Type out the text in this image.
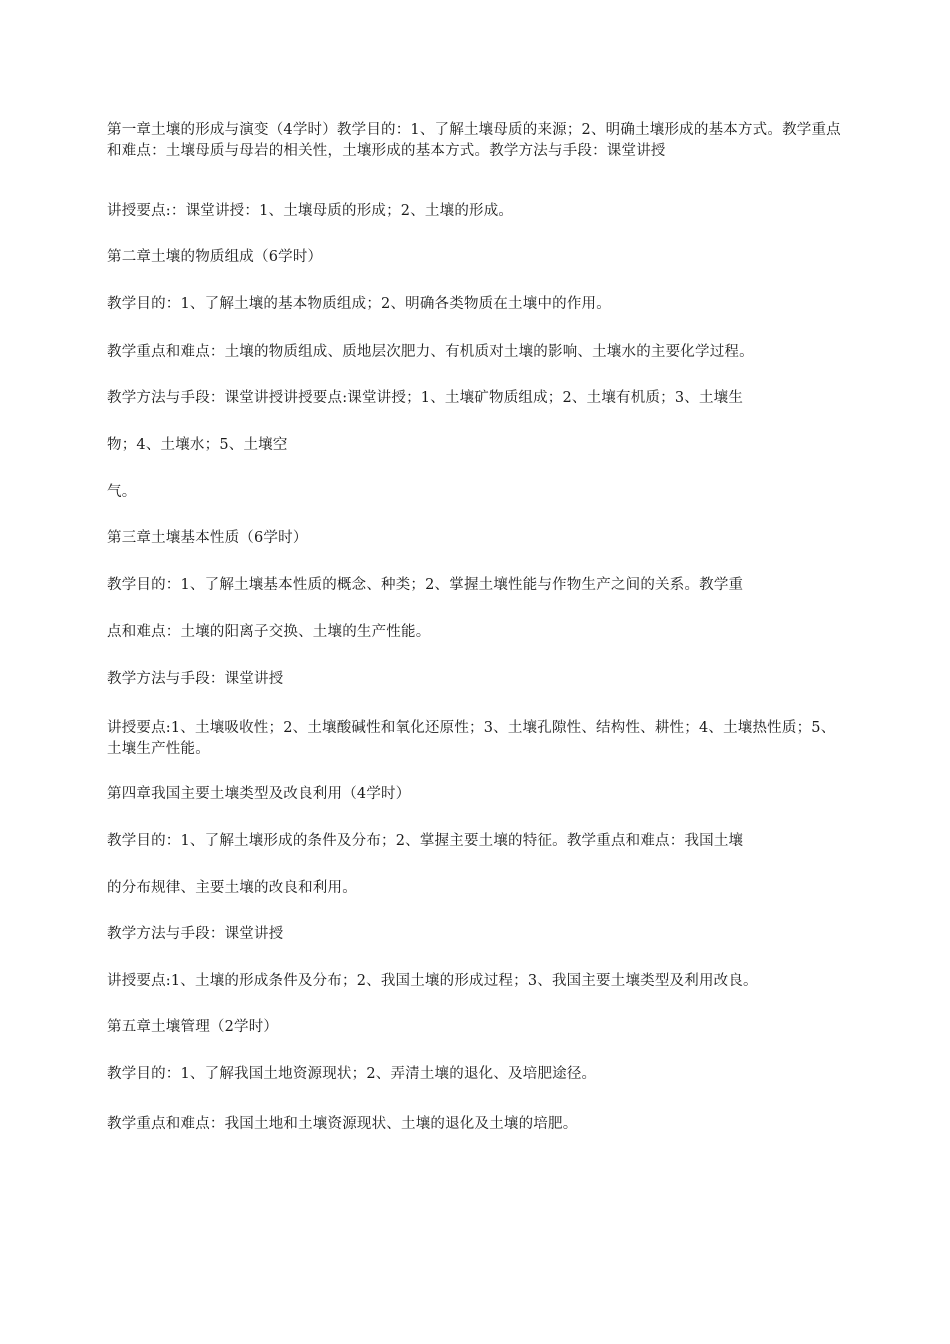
第一章土壤的形成与演变（4学时）教学目的：1、了解土壤母质的来源；2、明确土壤形成的基本方式。教学重点和难点：土壤母质与母岩的相关性，土壤形成的基本方式。教学方法与手段：课堂讲授

讲授要点:：课堂讲授：1、土壤母质的形成；2、土壤的形成。

第二章土壤的物质组成（6学时）

教学目的：1、了解土壤的基本物质组成；2、明确各类物质在土壤中的作用。

教学重点和难点：土壤的物质组成、质地层次肥力、有机质对土壤的影响、土壤水的主要化学过程。

教学方法与手段：课堂讲授讲授要点:课堂讲授；1、土壤矿物质组成；2、土壤有机质；3、土壤生

物；4、土壤水；5、土壤空

气。

第三章土壤基本性质（6学时）

教学目的：1、了解土壤基本性质的概念、种类；2、掌握土壤性能与作物生产之间的关系。教学重

点和难点：土壤的阳离子交换、土壤的生产性能。

教学方法与手段：课堂讲授

讲授要点:1、土壤吸收性；2、土壤酸碱性和氧化还原性；3、土壤孔隙性、结构性、耕性；4、土壤热性质；5、土壤生产性能。

第四章我国主要土壤类型及改良利用（4学时）

教学目的：1、了解土壤形成的条件及分布；2、掌握主要土壤的特征。教学重点和难点：我国土壤

的分布规律、主要土壤的改良和利用。

教学方法与手段：课堂讲授

讲授要点:1、土壤的形成条件及分布；2、我国土壤的形成过程；3、我国主要土壤类型及利用改良。

第五章土壤管理（2学时）

教学目的：1、了解我国土地资源现状；2、弄清土壤的退化、及培肥途径。

教学重点和难点：我国土地和土壤资源现状、土壤的退化及土壤的培肥。
